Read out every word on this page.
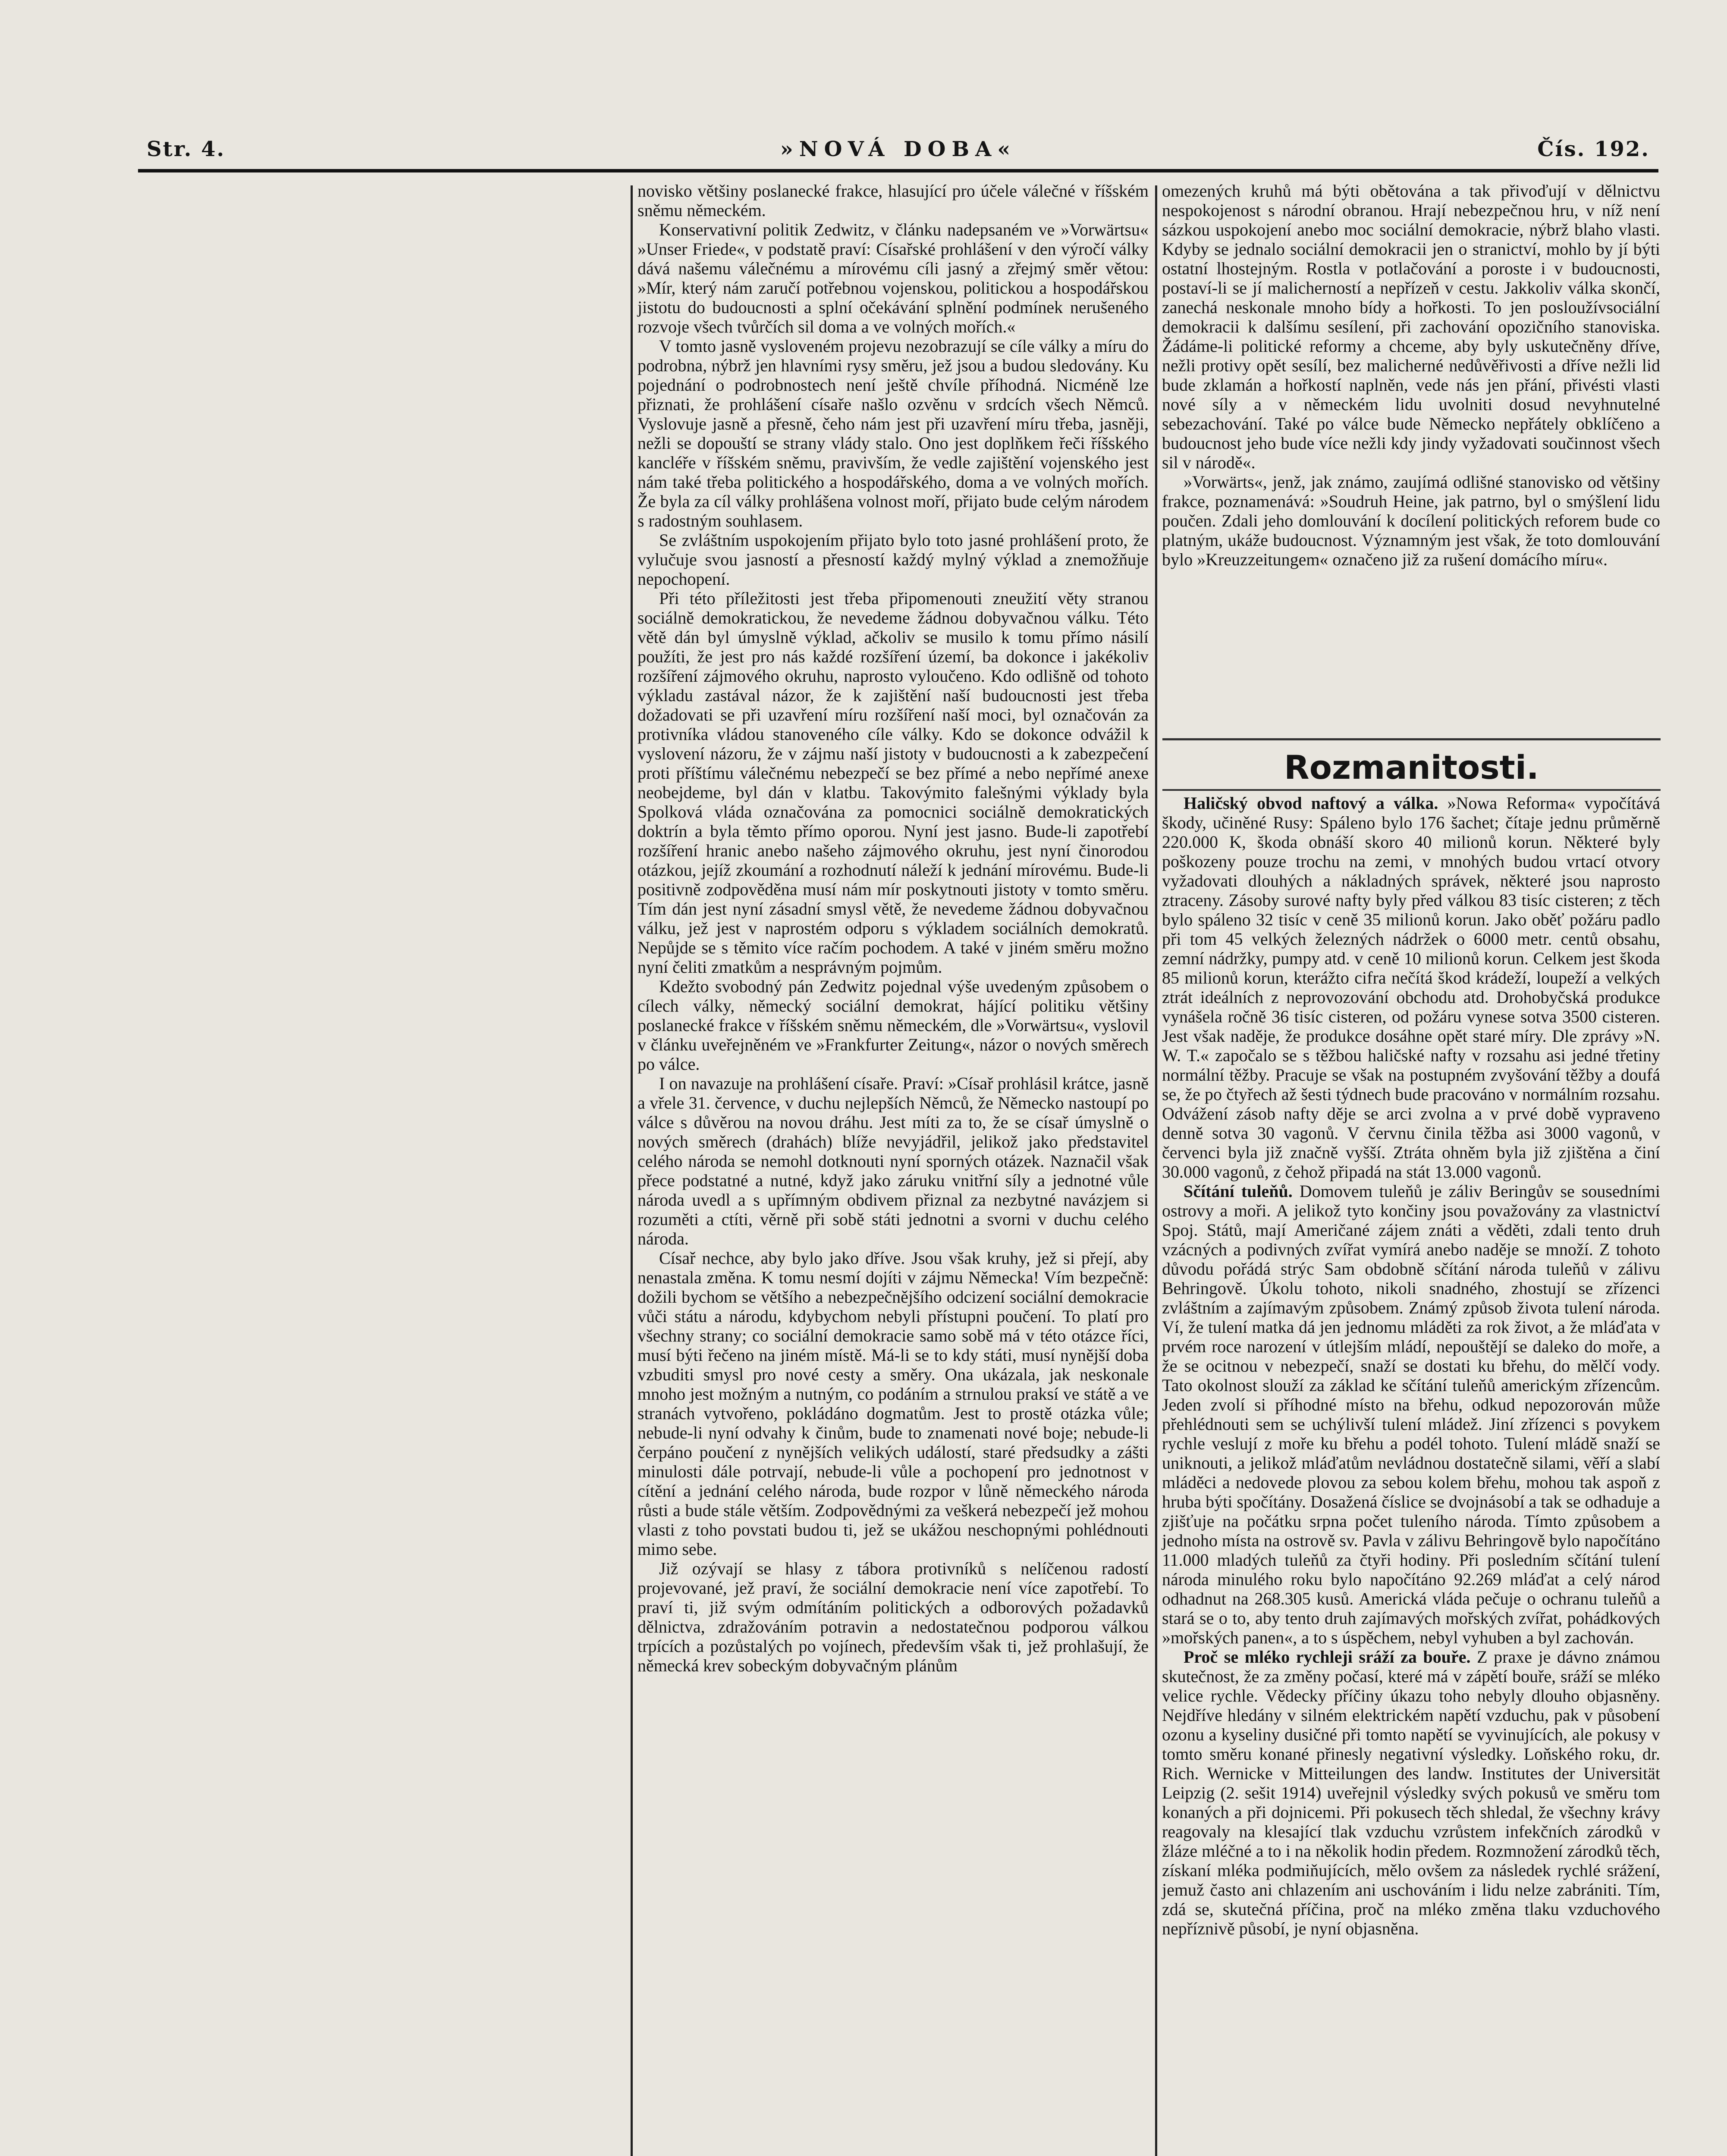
Str. 4.	»NOVÁ DOBA«	Čís. 192.

novisko většiny poslanecké frakce, hlasující pro účele válečné v říšském sněmu německém.

Konservativní politik Zedwitz, v článku nadepsaném ve »Vorwärtsu« »Unser Friede«, v podstatě praví: Císařské prohlášení v den výročí války dává našemu válečnému a mírovému cíli jasný a zřejmý směr větou: »Mír, který nám zaručí potřebnou vojenskou, politickou a hospodářskou jistotu do budoucnosti a splní očekávání splnění podmínek nerušeného rozvoje všech tvůrčích sil doma a ve volných mořích.«

V tomto jasně vysloveném projevu nezobrazují se cíle války a míru do podrobna, nýbrž jen hlavními rysy směru, jež jsou a budou sledovány. Ku pojednání o podrobnostech není ještě chvíle příhodná. Nicméně lze přiznati, že prohlášení císaře našlo ozvěnu v srdcích všech Němců. Vyslovuje jasně a přesně, čeho nám jest při uzavření míru třeba, jasněji, nežli se dopouští se strany vlády stalo. Ono jest doplňkem řeči říšského kancléře v říšském sněmu, pravivším, že vedle zajištění vojenského jest nám také třeba politického a hospodářského, doma a ve volných mořích. Že byla za cíl války prohlášena volnost moří, přijato bude celým národem s radostným souhlasem.

Se zvláštním uspokojením přijato bylo toto jasné prohlášení proto, že vylučuje svou jasností a přesností každý mylný výklad a znemožňuje nepochopení.

Při této příležitosti jest třeba připomenouti zneužití věty stranou sociálně demokratickou, že nevedeme žádnou dobyvačnou válku. Této větě dán byl úmyslně výklad, ačkoliv se musilo k tomu přímo násilí použíti, že jest pro nás každé rozšíření území, ba dokonce i jakékoliv rozšíření zájmového okruhu, naprosto vyloučeno. Kdo odlišně od tohoto výkladu zastával názor, že k zajištění naší budoucnosti jest třeba dožadovati se při uzavření míru rozšíření naší moci, byl označován za protivníka vládou stanoveného cíle války. Kdo se dokonce odvážil k vyslovení názoru, že v zájmu naší jistoty v budoucnosti a k zabezpečení proti příštímu válečnému nebezpečí se bez přímé a nebo nepřímé anexe neobejdeme, byl dán v klatbu. Takovýmito falešnými výklady byla Spolková vláda označována za pomocnici sociálně demokratických doktrín a byla těmto přímo oporou. Nyní jest jasno. Bude-li zapotřebí rozšíření hranic anebo našeho zájmového okruhu, jest nyní činorodou otázkou, jejíž zkoumání a rozhodnutí náleží k jednání mírovému. Bude-li positivně zodpověděna musí nám mír poskytnouti jistoty v tomto směru. Tím dán jest nyní zásadní smysl větě, že nevedeme žádnou dobyvačnou válku, jež jest v naprostém odporu s výkladem sociálních demokratů. Nepůjde se s těmito více račím pochodem. A také v jiném směru možno nyní čeliti zmatkům a nesprávným pojmům.

Kdežto svobodný pán Zedwitz pojednal výše uvedeným způsobem o cílech války, německý sociální demokrat, hájící politiku většiny poslanecké frakce v říšském sněmu německém, dle »Vorwärtsu«, vyslovil v článku uveřejněném ve »Frankfurter Zeitung«, názor o nových směrech po válce.

I on navazuje na prohlášení císaře. Praví: »Císař prohlásil krátce, jasně a vřele 31. července, v duchu nejlepších Němců, že Německo nastoupí po válce s důvěrou na novou dráhu. Jest míti za to, že se císař úmyslně o nových směrech (drahách) blíže nevyjádřil, jelikož jako představitel celého národa se nemohl dotknouti nyní sporných otázek. Naznačil však přece podstatné a nutné, když jako záruku vnitřní síly a jednotné vůle národa uvedl a s upřímným obdivem přiznal za nezbytné navázjem si rozuměti a ctíti, věrně při sobě státi jednotni a svorni v duchu celého národa.

Císař nechce, aby bylo jako dříve. Jsou však kruhy, jež si přejí, aby nenastala změna. K tomu nesmí dojíti v zájmu Německa! Vím bezpečně: dožili bychom se většího a nebezpečnějšího odcizení sociální demokracie vůči státu a národu, kdybychom nebyli přístupni poučení. To platí pro všechny strany; co sociální demokracie samo sobě má v této otázce říci, musí býti řečeno na jiném místě. Má-li se to kdy státi, musí nynější doba vzbuditi smysl pro nové cesty a směry. Ona ukázala, jak neskonale mnoho jest možným a nutným, co podáním a strnulou praksí ve státě a ve stranách vytvořeno, pokládáno dogmatům. Jest to prostě otázka vůle; nebude-li nyní odvahy k činům, bude to znamenati nové boje; nebude-li čerpáno poučení z nynějších velikých událostí, staré předsudky a zášti minulosti dále potrvají, nebude-li vůle a pochopení pro jednotnost v cítění a jednání celého národa, bude rozpor v lůně německého národa růsti a bude stále větším. Zodpovědnými za veškerá nebezpečí jež mohou vlasti z toho povstati budou ti, jež se ukážou neschopnými pohlédnouti mimo sebe.

Již ozývají se hlasy z tábora protivníků s nelíčenou radostí projevované, jež praví, že sociální demokracie není více zapotřebí. To praví ti, již svým odmítáním politických a odborových požadavků dělnictva, zdražováním potravin a nedostatečnou podporou válkou trpících a pozůstalých po vojínech, především však ti, jež prohlašují, že německá krev sobeckým dobyvačným plánům

omezených kruhů má býti obětována a tak přivoďují v dělnictvu nespokojenost s národní obranou. Hrají nebezpečnou hru, v níž není sázkou uspokojení anebo moc sociální demokracie, nýbrž blaho vlasti. Kdyby se jednalo sociální demokracii jen o stranictví, mohlo by jí býti ostatní lhostejným. Rostla v potlačování a poroste i v budoucnosti, postaví-li se jí malicherností a nepřízeň v cestu. Jakkoliv válka skončí, zanechá neskonale mnoho bídy a hořkosti. To jen posloužívsociální demokracii k dalšímu sesílení, při zachování opozičního stanoviska. Žádáme-li politické reformy a chceme, aby byly uskutečněny dříve, nežli protivy opět sesílí, bez malicherné nedůvěřivosti a dříve nežli lid bude zklamán a hořkostí naplněn, vede nás jen přání, přivésti vlasti nové síly a v německém lidu uvolniti dosud nevyhnutelné sebezachování. Také po válce bude Německo nepřátely obklíčeno a budoucnost jeho bude více nežli kdy jindy vyžadovati součinnost všech sil v národě«.

»Vorwärts«, jenž, jak známo, zaujímá odlišné stanovisko od většiny frakce, poznamenává: »Soudruh Heine, jak patrno, byl o smýšlení lidu poučen. Zdali jeho domlouvání k docílení politických reforem bude co platným, ukáže budoucnost. Významným jest však, že toto domlouvání bylo »Kreuzzeitungem« označeno již za rušení domácího míru«.

Rozmanitosti.

Haličský obvod naftový a válka. »Nowa Reforma« vypočítává škody, učiněné Rusy: Spáleno bylo 176 šachet; čítaje jednu průměrně 220.000 K, škoda obnáší skoro 40 milionů korun. Některé byly poškozeny pouze trochu na zemi, v mnohých budou vrtací otvory vyžadovati dlouhých a nákladných správek, některé jsou naprosto ztraceny. Zásoby surové nafty byly před válkou 83 tisíc cisteren; z těch bylo spáleno 32 tisíc v ceně 35 milionů korun. Jako oběť požáru padlo při tom 45 velkých železných nádržek o 6000 metr. centů obsahu, zemní nádržky, pumpy atd. v ceně 10 milionů korun. Celkem jest škoda 85 milionů korun, kterážto cifra nečítá škod krádeží, loupeží a velkých ztrát ideálních z neprovozování obchodu atd. Drohobyčská produkce vynášela ročně 36 tisíc cisteren, od požáru vynese sotva 3500 cisteren. Jest však naděje, že produkce dosáhne opět staré míry. Dle zprávy »N. W. T.« započalo se s těžbou haličské nafty v rozsahu asi jedné třetiny normální těžby. Pracuje se však na postupném zvyšování těžby a doufá se, že po čtyřech až šesti týdnech bude pracováno v normálním rozsahu. Odvážení zásob nafty děje se arci zvolna a v prvé době vypraveno denně sotva 30 vagonů. V červnu činila těžba asi 3000 vagonů, v červenci byla již značně vyšší. Ztráta ohněm byla již zjištěna a činí 30.000 vagonů, z čehož připadá na stát 13.000 vagonů.

Sčítání tuleňů. Domovem tuleňů je záliv Beringův se sousedními ostrovy a moři. A jelikož tyto končiny jsou považovány za vlastnictví Spoj. Států, mají Američané zájem znáti a věděti, zdali tento druh vzácných a podivných zvířat vymírá anebo naděje se množí. Z tohoto důvodu pořádá strýc Sam obdobně sčítání národa tuleňů v zálivu Behringově. Úkolu tohoto, nikoli snadného, zhostují se zřízenci zvláštním a zajímavým způsobem. Známý způsob života tulení národa. Ví, že tulení matka dá jen jednomu mláděti za rok život, a že mláďata v prvém roce narození v útlejším mládí, nepouštějí se daleko do moře, a že se ocitnou v nebezpečí, snaží se dostati ku břehu, do mělčí vody. Tato okolnost slouží za základ ke sčítání tuleňů americkým zřízencům. Jeden zvolí si příhodné místo na břehu, odkud nepozorován může přehlédnouti sem se uchýlivší tulení mládež. Jiní zřízenci s povykem rychle veslují z moře ku břehu a podél tohoto. Tulení mládě snaží se uniknouti, a jelikož mláďatům nevládnou dostatečně silami, věří a slabí mláděci a nedovede plovou za sebou kolem břehu, mohou tak aspoň z hruba býti spočítány. Dosažená číslice se dvojnásobí a tak se odhaduje a zjišťuje na počátku srpna počet tuleního národa. Tímto způsobem a jednoho místa na ostrově sv. Pavla v zálivu Behringově bylo napočítáno 11.000 mladých tuleňů za čtyři hodiny. Při posledním sčítání tulení národa minulého roku bylo napočítáno 92.269 mláďat a celý národ odhadnut na 268.305 kusů. Americká vláda pečuje o ochranu tuleňů a stará se o to, aby tento druh zajímavých mořských zvířat, pohádkových »mořských panen«, a to s úspěchem, nebyl vyhuben a byl zachován.

Proč se mléko rychleji sráží za bouře. Z praxe je dávno známou skutečnost, že za změny počasí, které má v zápětí bouře, sráží se mléko velice rychle. Vědecky příčiny úkazu toho nebyly dlouho objasněny. Nejdříve hledány v silném elektrickém napětí vzduchu, pak v působení ozonu a kyseliny dusičné při tomto napětí se vyvinujících, ale pokusy v tomto směru konané přinesly negativní výsledky. Loňského roku, dr. Rich. Wernicke v Mitteilungen des landw. Institutes der Universität Leipzig (2. sešit 1914) uveřejnil výsledky svých pokusů ve směru tom konaných a při dojnicemi. Při pokusech těch shledal, že všechny krávy reagovaly na klesající tlak vzduchu vzrůstem infekčních zárodků v žláze mléčné a to i na několik hodin předem. Rozmnožení zárodků těch, získaní mléka podmiňujících, mělo ovšem za následek rychlé srážení, jemuž často ani chlazením ani uschováním i lidu nelze zabrániti. Tím, zdá se, skutečná příčina, proč na mléko změna tlaku vzduchového nepříznivě působí, je nyní objasněna.
